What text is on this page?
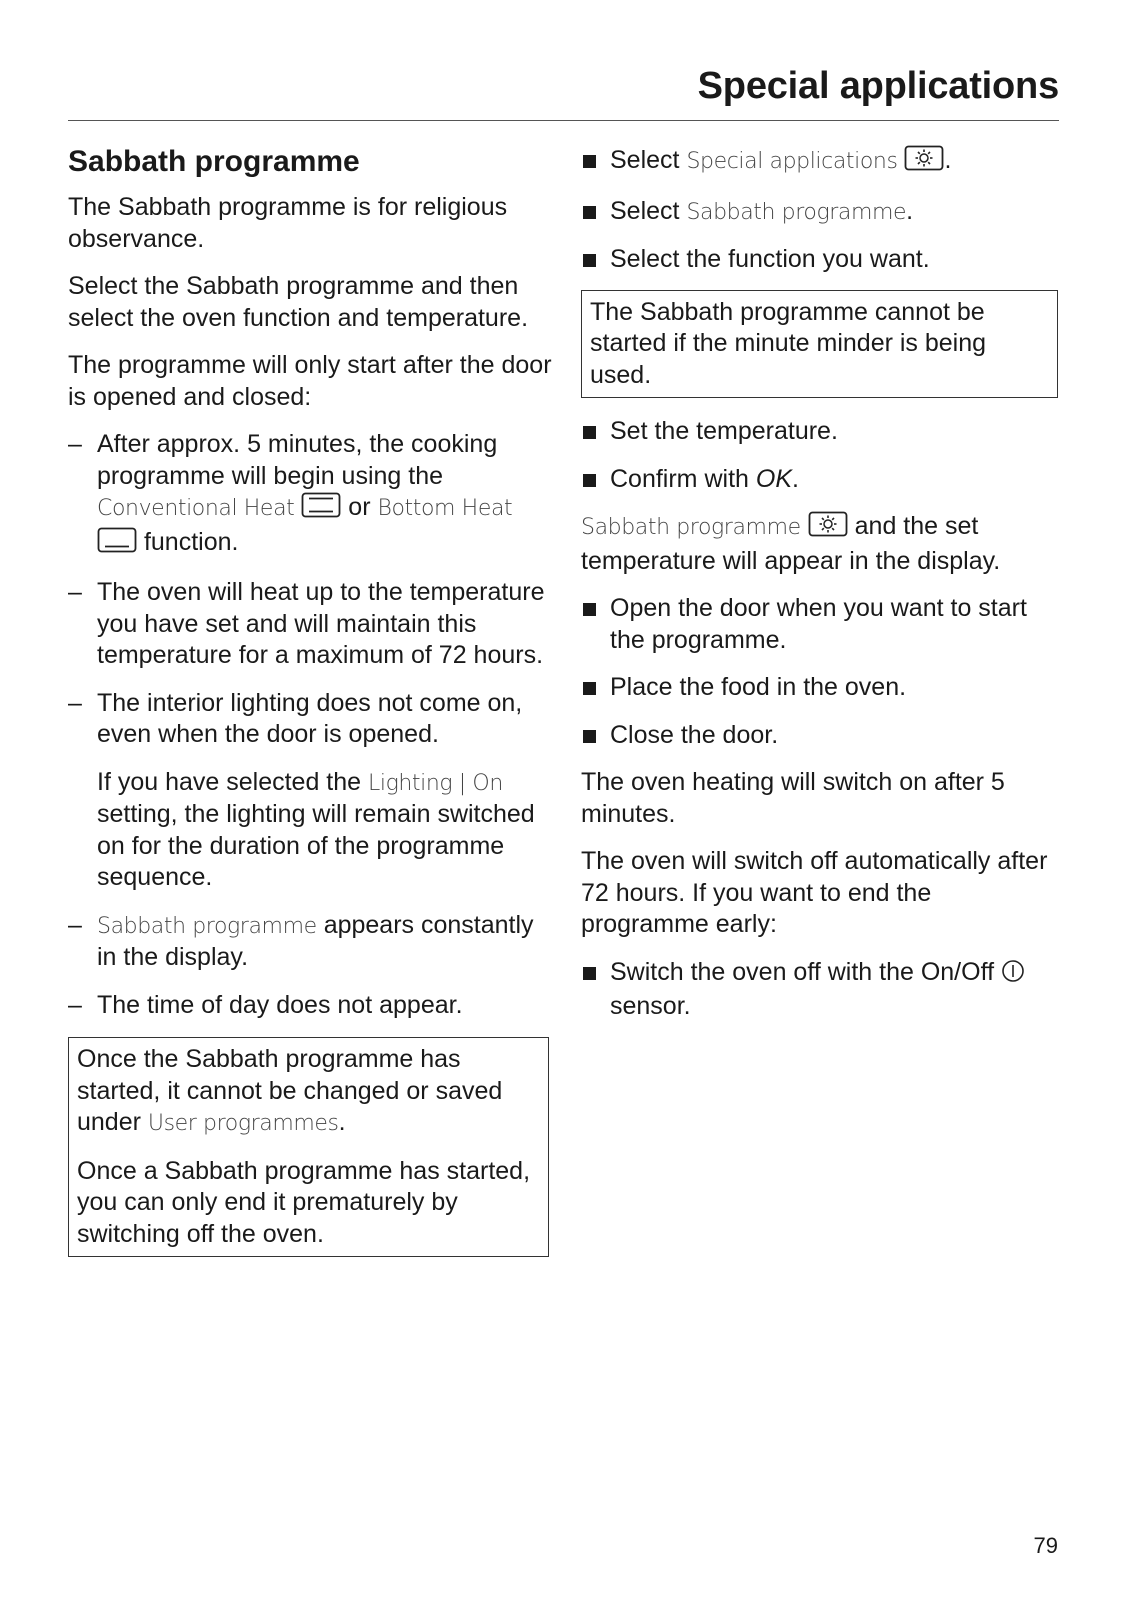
Special applications
Sabbath programme

The Sabbath programme is for religious observance.

Select the Sabbath programme and then select the oven function and temperature.

The programme will only start after the door is opened and closed:

– After approx. 5 minutes, the cooking programme will begin using the Conventional Heat or Bottom Heat  function.

– The oven will heat up to the temperature you have set and will maintain this temperature for a maximum of 72 hours.

– The interior lighting does not come on, even when the door is opened.

If you have selected the Lighting | On setting, the lighting will remain switched on for the duration of the programme sequence.

– Sabbath programme appears constantly in the display.

– The time of day does not appear.

Once the Sabbath programme has started, it cannot be changed or saved under User programmes.

Once a Sabbath programme has started, you can only end it prematurely by switching off the oven.

Select Special applications .
Select Sabbath programme.
Select the function you want.

The Sabbath programme cannot be started if the minute minder is being used.

Set the temperature.
Confirm with OK.

Sabbath programme and the set temperature will appear in the display.

Open the door when you want to start the programme.
Place the food in the oven.
Close the door.

The oven heating will switch on after 5 minutes.

The oven will switch off automatically after 72 hours. If you want to end the programme early:

Switch the oven off with the On/Off  sensor.
79
